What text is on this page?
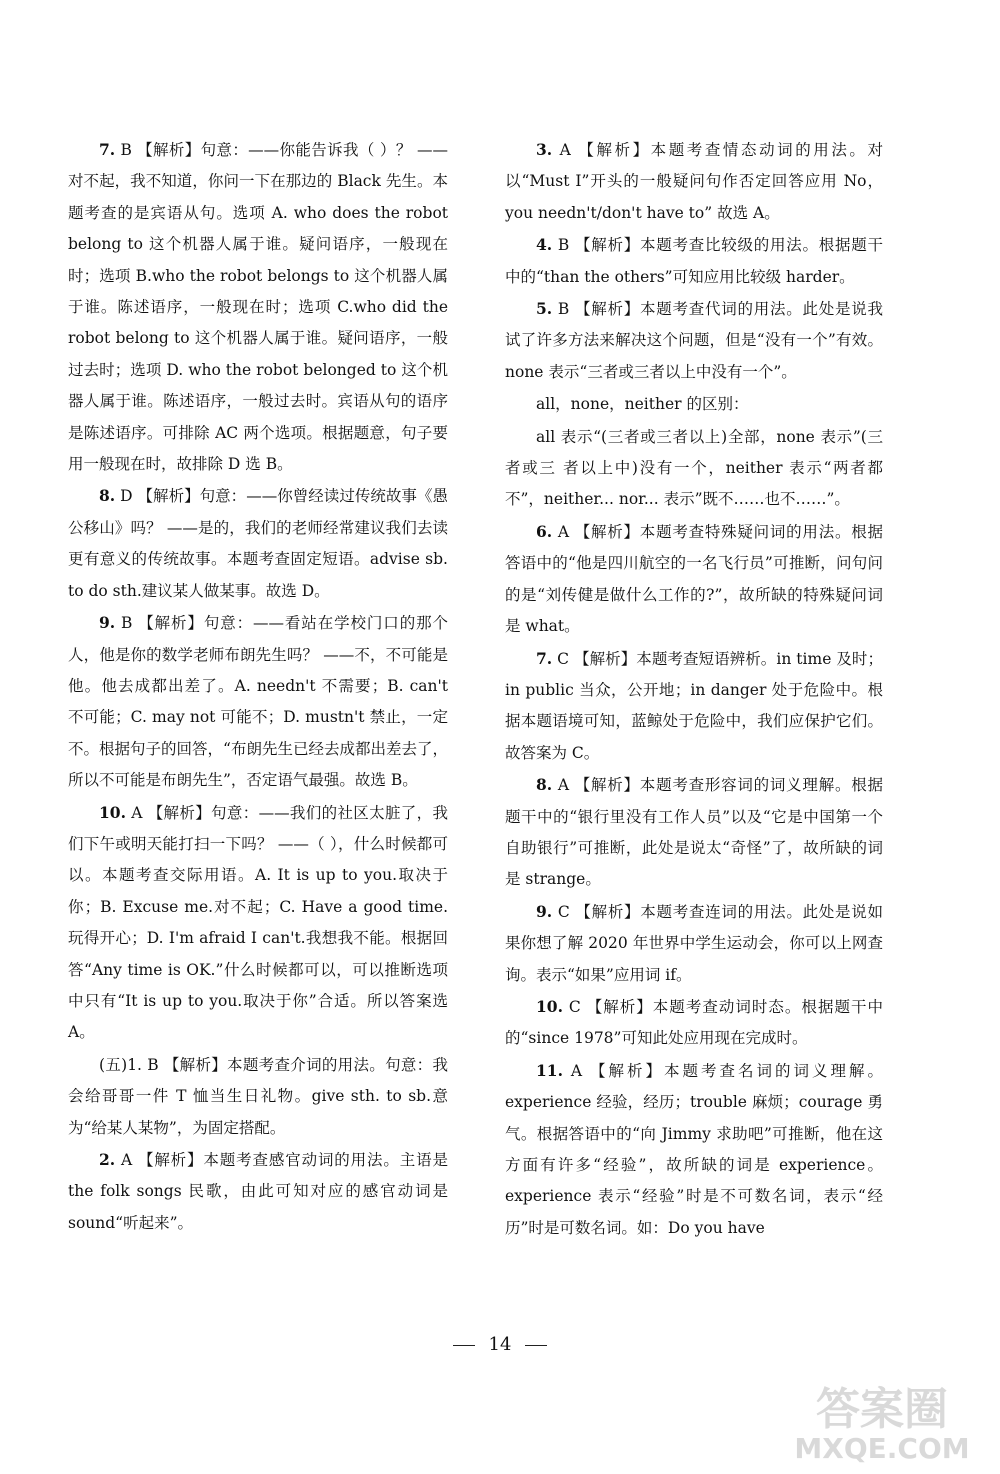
7. B 【解析】句意：——你能告诉我（ ）？ ——对不起，我不知道，你问一下在那边的 Black 先生。本题考查的是宾语从句。选项 A. who does the robot belong to 这个机器人属于谁。疑问语序，一般现在时；选项 B.who the robot belongs to 这个机器人属于谁。陈述语序，一般现在时；选项 C.who did the robot belong to 这个机器人属于谁。疑问语序，一般过去时；选项 D. who the robot belonged to 这个机器人属于谁。陈述语序，一般过去时。宾语从句的语序是陈述语序。可排除 AC 两个选项。根据题意，句子要用一般现在时，故排除 D 选 B。

8. D 【解析】句意：——你曾经读过传统故事《愚公移山》吗？ ——是的，我们的老师经常建议我们去读更有意义的传统故事。本题考查固定短语。advise sb. to do sth.建议某人做某事。故选 D。

9. B 【解析】句意：——看站在学校门口的那个人，他是你的数学老师布朗先生吗？ ——不，不可能是他。他去成都出差了。A. needn't 不需要；B. can't 不可能；C. may not 可能不；D. mustn't 禁止，一定不。根据句子的回答，“布朗先生已经去成都出差去了，所以不可能是布朗先生”，否定语气最强。故选 B。

10. A 【解析】句意：——我们的社区太脏了，我们下午或明天能打扫一下吗？ ——（ ），什么时候都可以。本题考查交际用语。A. It is up to you.取决于你；B. Excuse me.对不起；C. Have a good time.玩得开心；D. I'm afraid I can't.我想我不能。根据回答“Any time is OK.”什么时候都可以，可以推断选项中只有“It is up to you.取决于你”合适。所以答案选 A。

(五)1. B 【解析】本题考查介词的用法。句意：我会给哥哥一件 T 恤当生日礼物。give sth. to sb.意为“给某人某物”，为固定搭配。

2. A 【解析】本题考查感官动词的用法。主语是 the folk songs 民歌，由此可知对应的感官动词是 sound“听起来”。

3. A 【解析】本题考查情态动词的用法。对以“Must I”开头的一般疑问句作否定回答应用 No，you needn't/don't have to” 故选 A。

4. B 【解析】本题考查比较级的用法。根据题干中的“than the others”可知应用比较级 harder。

5. B 【解析】本题考查代词的用法。此处是说我试了许多方法来解决这个问题，但是“没有一个”有效。none 表示“三者或三者以上中没有一个”。

all，none，neither 的区别：

all 表示“(三者或三者以上)全部，none 表示”(三者或三 者以上中)没有一个，neither 表示“两者都不”，neither... nor... 表示”既不……也不……”。

6. A 【解析】本题考查特殊疑问词的用法。根据答语中的“他是四川航空的一名飞行员”可推断，问句问的是“刘传健是做什么工作的?”，故所缺的特殊疑问词是 what。

7. C 【解析】本题考查短语辨析。in time 及时；in public 当众，公开地；in danger 处于危险中。根据本题语境可知，蓝鲸处于危险中，我们应保护它们。故答案为 C。

8. A 【解析】本题考查形容词的词义理解。根据题干中的“银行里没有工作人员”以及“它是中国第一个自助银行”可推断，此处是说太“奇怪”了，故所缺的词是 strange。

9. C 【解析】本题考查连词的用法。此处是说如果你想了解 2020 年世界中学生运动会，你可以上网查询。表示“如果”应用词 if。

10. C 【解析】本题考查动词时态。根据题干中的“since 1978”可知此处应用现在完成时。

11. A 【解析】本题考查名词的词义理解。experience 经验，经历；trouble 麻烦；courage 勇气。根据答语中的“向 Jimmy 求助吧”可推断，他在这方面有许多“经验”，故所缺的词是 experience。experience 表示“经验”时是不可数名词，表示“经历”时是可数名词。如：Do you have

14
答案圈
MXQE.COM
